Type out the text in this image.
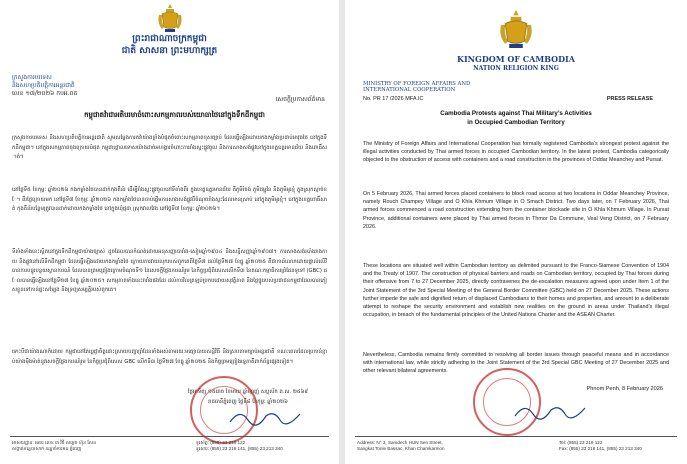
ព្រះរាជាណាចក្រកម្ពុជា
ជាតិ សាសនា ព្រះមហាក្សត្រ
ក្រសួងការបរទេស
និងសហប្រតិបត្តិការអន្តរជាតិ
លេខ ១៧/២០២៦ កបអ.ពត
សេចក្តីប្រកាសព័ត៌មាន
កម្ពុជាតវ៉ាជាអតិបរមាចំពោះសកម្មភាពរបស់យោធាថៃនៅក្នុងទឹកដីកម្ពុជា
ក្រសួងការបរទេស និងសហប្រតិបត្តិការអន្តរជាតិ សូមសម្តែងការតវ៉ាយ៉ាងខ្លាំងបំផុតចំពោះសកម្មភាពខុសច្បាប់ ដែលធ្វើឡើងដោយកងកម្លាំងប្រដាប់អាវុធថៃ នៅក្នុងទឹកដីកម្ពុជា។ នៅក្នុងសកម្មភាពចុងក្រោយបំផុត កម្ពុជាថ្កោលទោសយ៉ាងដាច់អហង្ការចំពោះការរាំងស្ទះផ្លូវចូល និងការសាងសង់ផ្លូវនៅក្នុងខេត្តឧត្តរមានជ័យ និងពោធិ៍សាត់។
នៅថ្ងៃទី៥ ខែកុម្ភៈ ឆ្នាំ២០២៦ កងកម្លាំងថៃបានដាក់កុងតឺន័រ ដើម្បីរាំងស្ទះផ្លូវចូលនៅទីតាំងពីរ ក្នុងខេត្តឧត្តរមានជ័យ គឺភូមិរំចង់ ភូមិជម្ពូវ័ន និងភូមិអូរខ្មុំ ក្នុងស្រុកស្មាច់ខែ។ ពីរថ្ងៃក្រោយមក នៅថ្ងៃទី៧ ខែកុម្ភៈ ឆ្នាំ២០២៦ កងកម្លាំងថៃបានចាប់ផ្តើមការសាងសង់ផ្លូវពីចំណុចរាំងស្ទះដែលមានស្រាប់ នៅក្នុងភូមិអូរខ្មុំ។ នៅក្នុងខេត្តពោធិ៍សាត់ កុងតឺន័របន្ថែមត្រូវបានដាក់ដោយកងកម្លាំងថៃ នៅក្នុងឃុំថ្មដា ស្រុកវាលវែង នៅថ្ងៃទី៧ ខែកុម្ភៈ ឆ្នាំ២០២៦។
ទីតាំងទាំងនេះស្ថិតនៅក្នុងទឹកដីកម្ពុជាយ៉ាងច្បាស់ ដូចដែលបានកំណត់ដោយអនុសញ្ញាបារាំង-សៀមឆ្នាំ១៩០៤ និងសន្ធិសញ្ញាឆ្នាំ១៩០៧។ ការសាងសង់របាំងរាងកាយ និងផ្លូវនៅលើទឹកដីកម្ពុជា ដែលធ្វើឡើងដោយកងកម្លាំងថៃ ក្រោយការវាយលុករបស់ពួកគេពីថ្ងៃទី៧ ដល់ថ្ងៃទី២៧ ខែធ្នូ ឆ្នាំ២០២៥ គឺជាការរំលោភដោយផ្ទាល់លើវិធានការបន្ធូរបន្ថយស្ថានការណ៍ ដែលបានព្រមព្រៀងក្រោមចំណុចទី១ នៃសេចក្តីថ្លែងការណ៍រួម នៃកិច្ចប្រជុំពិសេសលើកទី៣ នៃគណៈកម្មាធិការព្រំដែនទូទៅ (GBC) ដែលបានធ្វើឡើងនៅថ្ងៃទី២៧ ខែធ្នូ ឆ្នាំ២០២៥។ សកម្មភាពទាំងនេះរារាំងផងដែរ ដល់ការវិលត្រឡប់ប្រកបដោយសុវត្ថិភាព និងថ្លៃថ្នូររបស់ប្រជាជនកម្ពុជាដែលបានភៀសខ្លួនទៅកាន់ផ្ទះសម្បែង និងទ្រព្យសម្បត្តិរបស់ពួកគេ។
ទោះបីជាយ៉ាងណាក៏ដោយ កម្ពុជានៅតែប្តេជ្ញាចិត្តដោះស្រាយបញ្ហាព្រំដែនទាំងអស់តាមរយៈមធ្យោបាយសន្តិវិធី និងស្របតាមច្បាប់អន្តរជាតិ ខណៈពេលដែលប្រកាន់ខ្ជាប់យ៉ាងម៉ឺងម៉ាត់នូវសេចក្តីថ្លែងការណ៍រួម នៃកិច្ចប្រជុំពិសេស GBC លើកទី៣ ថ្ងៃទី២៧ ខែធ្នូ ឆ្នាំ២០២៥ និងកិច្ចព្រមព្រៀងទ្វេភាគីពាក់ព័ន្ធផ្សេងទៀត។
ថ្ងៃអាទិត្យ ១៥រោច ខែមាឃ ឆ្នាំម្សាញ់ សប្តស័ក ព.ស. ២៥៦៩
រាជធានីភ្នំពេញ ថ្ងៃទី៨ ខែកុម្ភៈ ឆ្នាំ២០២៦
អាសយដ្ឋាន: អគារ លេខ ៣ វិថី សម្តេច ហ៊ុន សែន
សង្កាត់ទន្លេបាសាក់ ខណ្ឌចំការមន ភ្នំពេញ
ទូរស័ព្ទ: (855) 23 216 122
ទូរសារ: (855) 23 216 141, (855) 23 213 340
KINGDOM OF CAMBODIA
NATION RELIGION KING
MINISTRY OF FOREIGN AFFAIRS AND INTERNATIONAL COOPERATION
No. PR 17 /2026 MFA.IC	PRESS RELEASE
Cambodia Protests against Thai Military’s Activities
in Occupied Cambodian Territory
The Ministry of Foreign Affairs and International Cooperation has formally registered Cambodia’s strongest protest against the illegal activities conducted by Thai armed forces in occupied Cambodian territory. In the latest protest, Cambodia categorically objected to the obstruction of access with containers and a road construction in the provinces of Oddar Meanchey and Pursat.
On 5 February 2026, Thai armed forces placed containers to block road access at two locations in Oddar Meanchey Province, namely Rouch Champey Village and O Khla Khmum Village in O Smach District. Two days later, on 7 February 2026, Thai armed forces commenced a road construction extending from the container blockade site in O Khla Khmum Village. In Pursat Province, additional containers were placed by Thai armed forces in Thmor Da Commune, Veal Veng District, on 7 February 2026.
These locations are situated well within Cambodian territory as delimited pursuant to the Franco-Siamese Convention of 1904 and the Treaty of 1907. The construction of physical barriers and roads on Cambodian territory, occupied by Thai forces during their offensive from 7 to 27 December 2025, directly contravenes the de-escalation measures agreed upon under Item 1 of the Joint Statement of the 3rd Special Meeting of the General Border Committee (GBC) held on 27 December 2025. These actions further impede the safe and dignified return of displaced Cambodians to their homes and properties, and amount to a deliberate attempt to reshape the security environment and establish new realities on the ground in areas under Thailand’s illegal occupation, in breach of the fundamental principles of the United Nations Charter and the ASEAN Charter.
Nevertheless, Cambodia remains firmly committed to resolving all border issues through peaceful means and in accordance with international law, while strictly adhering to the Joint Statement of the 3rd Special GBC Meeting of 27 December 2025 and other relevant bilateral agreements.
Phnom Penh, 8 February 2026
Address: N° 3, Samdech HUN Sen Street,
Sangkat Tonle Bassac, Khan Chamkarmon
Tel: (855) 23 216 122
Fax: (855) 23 216 141, (855) 23 213 340
